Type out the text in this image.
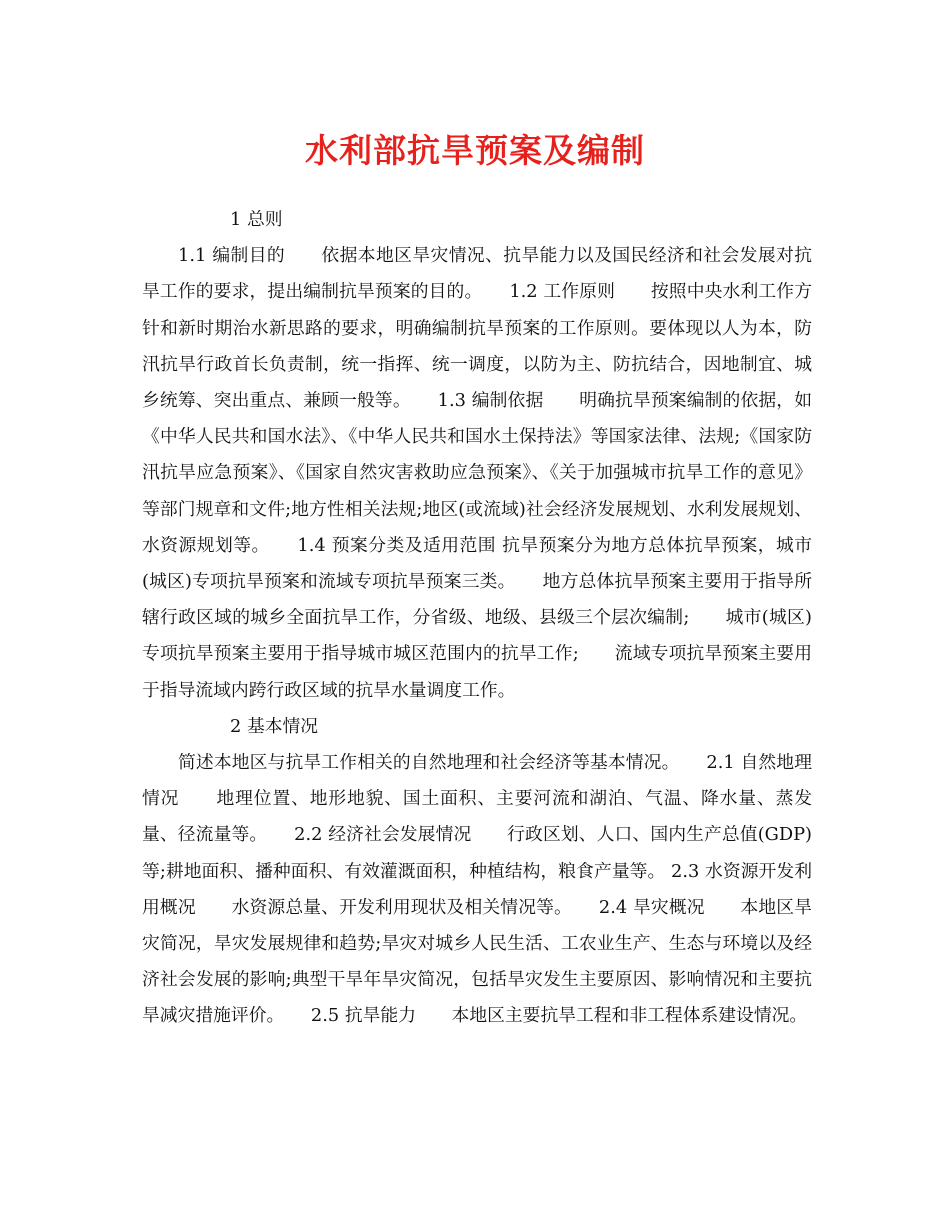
水利部抗旱预案及编制
1 总则
1.1 编制目的　　依据本地区旱灾情况、抗旱能力以及国民经济和社会发展对抗旱工作的要求，提出编制抗旱预案的目的。　　1.2 工作原则　　按照中央水利工作方针和新时期治水新思路的要求，明确编制抗旱预案的工作原则。要体现以人为本，防汛抗旱行政首长负责制，统一指挥、统一调度，以防为主、防抗结合，因地制宜、城乡统筹、突出重点、兼顾一般等。　　1.3 编制依据　　明确抗旱预案编制的依据，如《中华人民共和国水法》、《中华人民共和国水土保持法》等国家法律、法规;《国家防汛抗旱应急预案》、《国家自然灾害救助应急预案》、《关于加强城市抗旱工作的意见》等部门规章和文件;地方性相关法规;地区(或流域)社会经济发展规划、水利发展规划、水资源规划等。　　1.4 预案分类及适用范围 抗旱预案分为地方总体抗旱预案，城市(城区)专项抗旱预案和流域专项抗旱预案三类。　　地方总体抗旱预案主要用于指导所辖行政区域的城乡全面抗旱工作，分省级、地级、县级三个层次编制;　　城市(城区)专项抗旱预案主要用于指导城市城区范围内的抗旱工作;　　流域专项抗旱预案主要用于指导流域内跨行政区域的抗旱水量调度工作。
2 基本情况
简述本地区与抗旱工作相关的自然地理和社会经济等基本情况。　　2.1 自然地理情况　　地理位置、地形地貌、国土面积、主要河流和湖泊、气温、降水量、蒸发量、径流量等。　　2.2 经济社会发展情况　　行政区划、人口、国内生产总值(GDP)等;耕地面积、播种面积、有效灌溉面积，种植结构，粮食产量等。 2.3 水资源开发利用概况　　水资源总量、开发利用现状及相关情况等。　　2.4 旱灾概况　　本地区旱灾简况，旱灾发展规律和趋势;旱灾对城乡人民生活、工农业生产、生态与环境以及经济社会发展的影响;典型干旱年旱灾简况，包括旱灾发生主要原因、影响情况和主要抗旱减灾措施评价。　　2.5 抗旱能力　　本地区主要抗旱工程和非工程体系建设情况。
